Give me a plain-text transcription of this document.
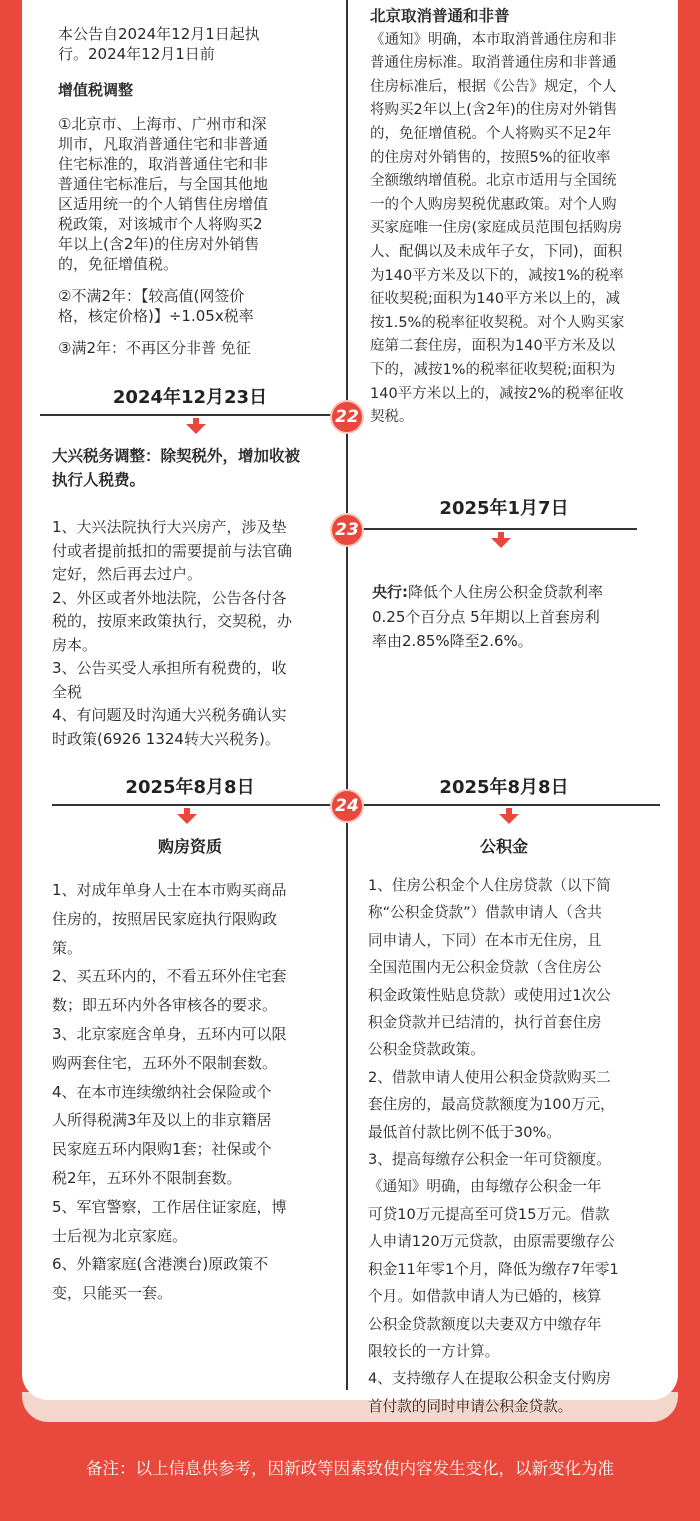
本公告自2024年12月1日起执

行。2024年12月1日前

增值税调整

①北京市、上海市、广州市和深

圳市，凡取消普通住宅和非普通

住宅标准的，取消普通住宅和非

普通住宅标准后，与全国其他地

区适用统一的个人销售住房增值

税政策，对该城市个人将购买2

年以上(含2年)的住房对外销售

的，免征增值税。

②不满2年：【较高值(网签价

格，核定价格)】÷1.05x税率

③满2年：不再区分非普 免征

北京取消普通和非普

《通知》明确，本市取消普通住房和非

普通住房标准。取消普通住房和非普通

住房标准后，根据《公告》规定，个人

将购买2年以上(含2年)的住房对外销售

的，免征增值税。个人将购买不足2年

的住房对外销售的，按照5%的征收率

全额缴纳增值税。北京市适用与全国统

一的个人购房契税优惠政策。对个人购

买家庭唯一住房(家庭成员范围包括购房

人、配偶以及未成年子女，下同)，面积

为140平方米及以下的，减按1%的税率

征收契税;面积为140平方米以上的，减

按1.5%的税率征收契税。对个人购买家

庭第二套住房，面积为140平方米及以

下的，减按1%的税率征收契税;面积为

140平方米以上的，减按2%的税率征收

契税。

2024年12月23日
22

大兴税务调整：除契税外，增加收被

执行人税费。

1、大兴法院执行大兴房产，涉及垫

付或者提前抵扣的需要提前与法官确

定好，然后再去过户。

2、外区或者外地法院，公告各付各

税的，按原来政策执行，交契税，办

房本。

3、公告买受人承担所有税费的，收

全税

4、有问题及时沟通大兴税务确认实

时政策(6926 1324转大兴税务)。

2025年1月7日
23

央行:降低个人住房公积金贷款利率

0.25个百分点 5年期以上首套房利

率由2.85%降至2.6%。

2025年8月8日	2025年8月8日
24
购房资质	公积金

1、对成年单身人士在本市购买商品

住房的，按照居民家庭执行限购政

策。

2、买五环内的，不看五环外住宅套

数；即五环内外各审核各的要求。

3、北京家庭含单身，五环内可以限

购两套住宅，五环外不限制套数。

4、在本市连续缴纳社会保险或个

人所得税满3年及以上的非京籍居

民家庭五环内限购1套；社保或个

税2年，五环外不限制套数。

5、军官警察，工作居住证家庭，博

士后视为北京家庭。

6、外籍家庭(含港澳台)原政策不

变，只能买一套。

1、住房公积金个人住房贷款（以下简

称“公积金贷款”）借款申请人（含共

同申请人，下同）在本市无住房，且

全国范围内无公积金贷款（含住房公

积金政策性贴息贷款）或使用过1次公

积金贷款并已结清的，执行首套住房

公积金贷款政策。

2、借款申请人使用公积金贷款购买二

套住房的，最高贷款额度为100万元，

最低首付款比例不低于30%。

3、提高每缴存公积金一年可贷额度。

《通知》明确，由每缴存公积金一年

可贷10万元提高至可贷15万元。借款

人申请120万元贷款，由原需要缴存公

积金11年零1个月，降低为缴存7年零1

个月。如借款申请人为已婚的，核算

公积金贷款额度以夫妻双方中缴存年

限较长的一方计算。

4、支持缴存人在提取公积金支付购房

首付款的同时申请公积金贷款。

备注：以上信息供参考，因新政等因素致使内容发生变化，以新变化为准
